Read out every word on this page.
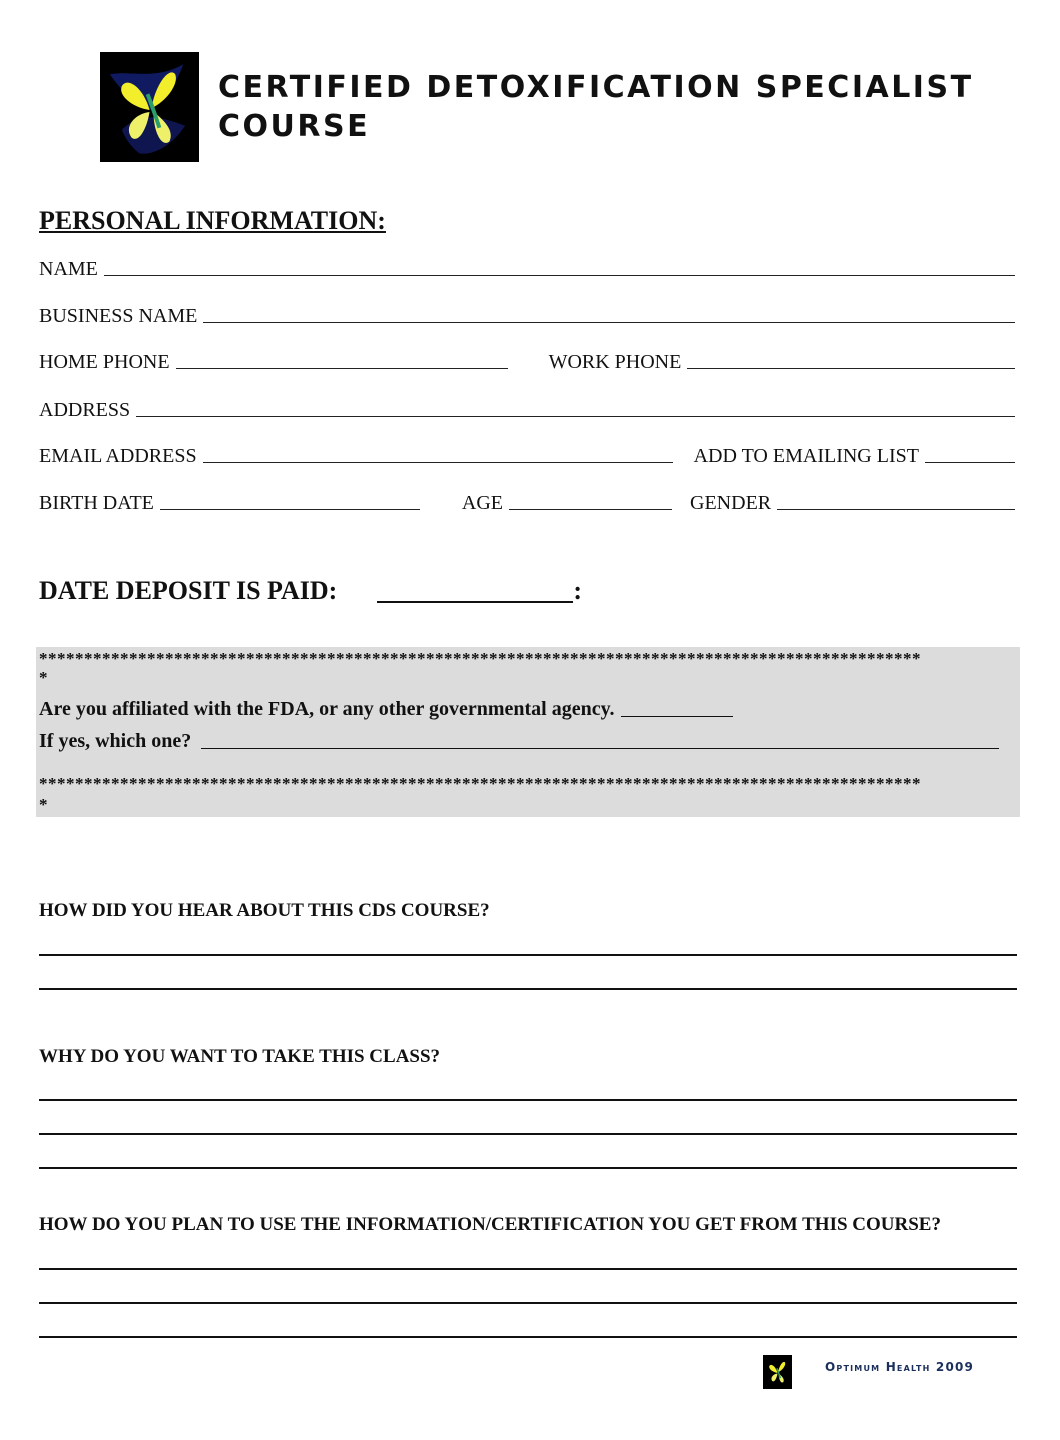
CERTIFIED DETOXIFICATION SPECIALIST
COURSE
PERSONAL INFORMATION:
NAME
BUSINESS NAME
HOME PHONE	WORK PHONE
ADDRESS
EMAIL ADDRESS	ADD TO EMAILING LIST
BIRTH DATE	AGE	GENDER
DATE DEPOSIT IS PAID:	:
**************************************************************************************************
*
Are you affiliated with the FDA, or any other governmental agency.
If yes, which one?
**************************************************************************************************
*
HOW DID YOU HEAR ABOUT THIS CDS COURSE?
WHY DO YOU WANT TO TAKE THIS CLASS?
HOW DO YOU PLAN TO USE THE INFORMATION/CERTIFICATION YOU GET FROM THIS COURSE?
Optimum Health 2009
